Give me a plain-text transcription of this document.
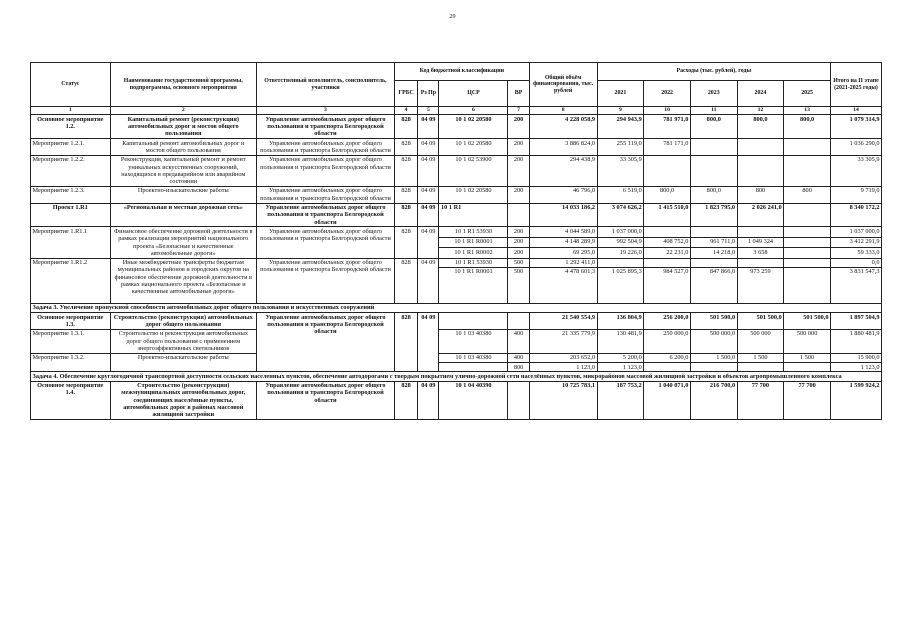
29
Статус	Наименование государственной программы, подпрограммы, основного мероприятия	Ответственный исполнитель, соисполнитель, участники	Код бюджетной классификации				Общий объём финансирования, тыс. рублей	Расходы (тыс. рублей), годы					Итого на II этапе (2021-2025 годы)
			ГРБС	Рз Пр	ЦСР	ВР		2021	2022	2023	2024	2025	
1	2	3	4	5	6	7	8	9	10	11	12	13	14
Основное мероприятие 1.2.	Капитальный ремонт (реконструкция) автомобильных дорог и мостов общего пользования	Управление автомобильных дорог общего пользования и транспорта Белгородской области	828	04 09	10 1 02 20580	200	4 228 058,9	294 943,9	781 971,0	800,0	800,0	800,0	1 079 314,9
Мероприятие 1.2.1.	Капитальный ремонт автомобильных дорог и мостов общего пользования	Управление автомобильных дорог общего пользования и транспорта Белгородской области	828	04 09	10 1 02 20580	200	3 886 824,0	255 119,0	781 171,0				1 036 290,0
Мероприятие 1.2.2.	Реконструкция, капитальный ремонт и ремонт уникальных искусственных сооружений, находящихся в предаварийном или аварийном состоянии	Управление автомобильных дорог общего пользования и транспорта Белгородской области	828	04 09	10 1 02 53900	200	294 438,9	33 305,9					33 305,9
Мероприятие 1.2.3.	Проектно-изыскательские работы	Управление автомобильных дорог общего пользования и транспорта Белгородской области	828	04 09	10 1 02 20580	200	46 796,0	6 519,0	800,0	800,0	800	800	9 719,0
Проект 1.R1	«Региональная и местная дорожная сеть»	Управление автомобильных дорог общего пользования и транспорта Белгородской области	828	04 09	10 1 R1		14 033 186,2	3 074 626,2	1 415 510,0	1 823 795,0	2 026 241,0		8 340 172,2
Мероприятие 1.R1.1	Финансовое обеспечение дорожной деятельности в рамках реализации мероприятий национального проекта «Безопасные и качественные автомобильные дороги»	Управление автомобильных дорог общего пользования и транспорта Белгородской области	828	04 09	10 1 R1 53930	200	4 044 589,0	1 037 000,0					1 037 000,0
					10 1 R1 R0001	200	4 148 289,9	992 504,9	408 752,0	961 711,0	1 049 324		3 412 291,9
					10 1 R1 R0002	200	69 295,0	19 226,0	22 231,0	14 218,0	3 658		59 333,0
Мероприятие 1.R1.2	Иные межбюджетные трансферты бюджетам муниципальных районов и городских округов на финансовое обеспечение дорожной деятельности в рамках национального проекта «Безопасные и качественные автомобильные дороги»	Управление автомобильных дорог общего пользования и транспорта Белгородской области	828	04 09	10 1 R1 53930	500	1 292 411,0						0,0
					10 1 R1 R0001	500	4 478 601,3	1 025 895,3	984 527,0	847 866,0	973 259		3 831 547,3
Задача 3. Увеличение пропускной способности автомобильных дорог общего пользования и искусственных сооружений													
Основное мероприятие 1.3.	Строительство (реконструкция) автомобильных дорог общего пользования	Управление автомобильных дорог общего пользования и транспорта Белгородской области	828	04 09			21 540 554,9	136 804,9	256 200,0	501 500,0	501 500,0	501 500,0	1 897 504,9
Мероприятие 1.3.1.	Строительство и реконструкция автомобильных дорог общего пользования с применением энергоэффективных светильников				10 1 03 40380	400	21 335 779,9	130 481,9	250 000,0	500 000,0	500 000	500 000	1 880 481,9
Мероприятие 1.3.2.	Проектно-изыскательские работы				10 1 03 40380	400	203 652,0	5 200,0	6 200,0	1 500,0	1 500	1 500	15 900,0
						800	1 123,0	1 123,0					1 123,0
Задача 4. Обеспечение круглогодичной транспортной доступности сельских населенных пунктов, обеспечение автодорогами с твердым покрытием улично-дорожной сети населённых пунктов, микрорайонов массовой жилищной застройки и объектов агропромышленного комплекса													
Основное мероприятие 1.4.	Строительство (реконструкция) межмуниципальных автомобильных дорог, соединяющих населённые пункты, автомобильных дорог в районах массовой жилищной застройки	Управление автомобильных дорог общего пользования и транспорта Белгородской области	828	04 09	10 1 04 40390		10 725 783,1	187 753,2	1 040 071,0	216 700,0	77 700	77 700	1 599 924,2
